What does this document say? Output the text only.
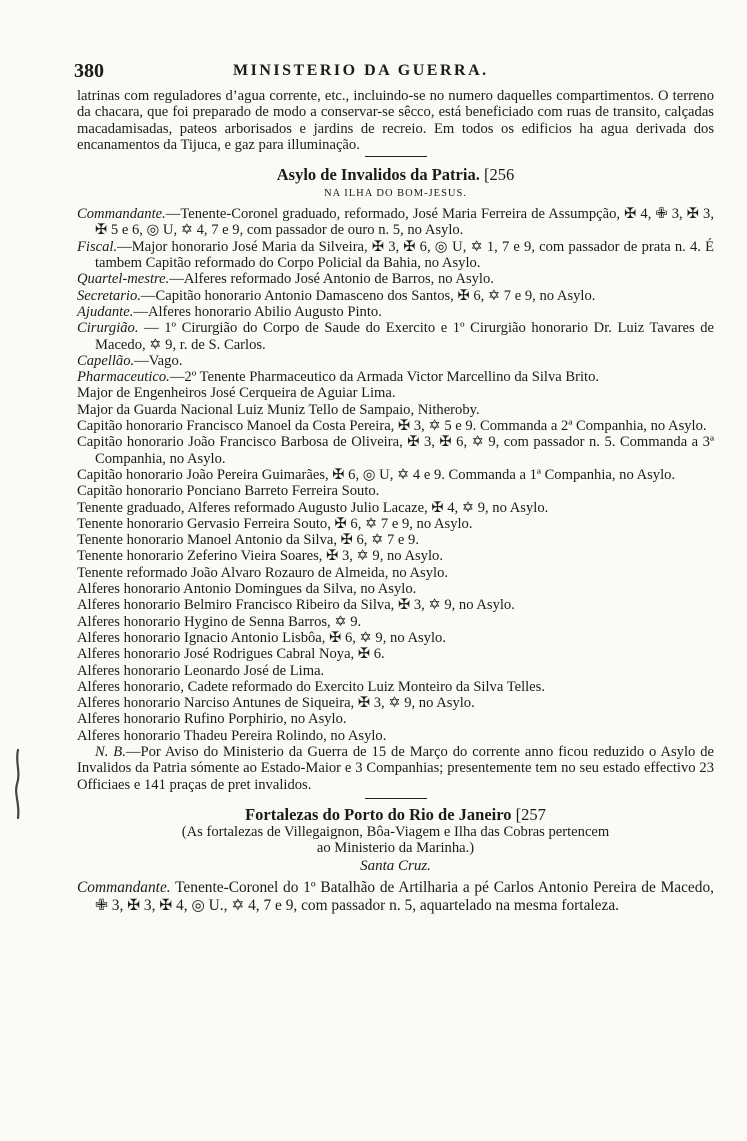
380	MINISTERIO DA GUERRA.

latrinas com reguladores d’agua corrente, etc., incluindo-se no numero daquelles compartimentos. O terreno da chacara, que foi preparado de modo a conservar-se sêcco, está beneficiado com ruas de transito, calçadas macadamisadas, pateos arborisados e jardins de recreio. Em todos os edificios ha agua derivada dos encanamentos da Tijuca, e gaz para illuminação.

Asylo de Invalidos da Patria. [256
NA ILHA DO BOM-JESUS.

Commandante.—Tenente-Coronel graduado, reformado, José Maria Ferreira de Assumpção, ✠ 4, ✙ 3, ✠ 3, ✠ 5 e 6, ◎ U, ✡ 4, 7 e 9, com passador de ouro n. 5, no Asylo.

Fiscal.—Major honorario José Maria da Silveira, ✠ 3, ✠ 6, ◎ U, ✡ 1, 7 e 9, com passador de prata n. 4. É tambem Capitão reformado do Corpo Policial da Bahia, no Asylo.

Quartel-mestre.—Alferes reformado José Antonio de Barros, no Asylo.

Secretario.—Capitão honorario Antonio Damasceno dos Santos, ✠ 6, ✡ 7 e 9, no Asylo.

Ajudante.—Alferes honorario Abilio Augusto Pinto.

Cirurgião. — 1º Cirurgião do Corpo de Saude do Exercito e 1º Cirurgião honorario Dr. Luiz Tavares de Macedo, ✡ 9, r. de S. Carlos.

Capellão.—Vago.

Pharmaceutico.—2º Tenente Pharmaceutico da Armada Victor Marcellino da Silva Brito.

Major de Engenheiros José Cerqueira de Aguiar Lima.

Major da Guarda Nacional Luiz Muniz Tello de Sampaio, Nitheroby.

Capitão honorario Francisco Manoel da Costa Pereira, ✠ 3, ✡ 5 e 9. Commanda a 2ª Companhia, no Asylo.

Capitão honorario João Francisco Barbosa de Oliveira, ✠ 3, ✠ 6, ✡ 9, com passador n. 5. Commanda a 3ª Companhia, no Asylo.

Capitão honorario João Pereira Guimarães, ✠ 6, ◎ U, ✡ 4 e 9. Commanda a 1ª Companhia, no Asylo.

Capitão honorario Ponciano Barreto Ferreira Souto.

Tenente graduado, Alferes reformado Augusto Julio Lacaze, ✠ 4, ✡ 9, no Asylo.

Tenente honorario Gervasio Ferreira Souto, ✠ 6, ✡ 7 e 9, no Asylo.

Tenente honorario Manoel Antonio da Silva, ✠ 6, ✡ 7 e 9.

Tenente honorario Zeferino Vieira Soares, ✠ 3, ✡ 9, no Asylo.

Tenente reformado João Alvaro Rozauro de Almeida, no Asylo.

Alferes honorario Antonio Domingues da Silva, no Asylo.

Alferes honorario Belmiro Francisco Ribeiro da Silva, ✠ 3, ✡ 9, no Asylo.

Alferes honorario Hygino de Senna Barros, ✡ 9.

Alferes honorario Ignacio Antonio Lisbôa, ✠ 6, ✡ 9, no Asylo.

Alferes honorario José Rodrigues Cabral Noya, ✠ 6.

Alferes honorario Leonardo José de Lima.

Alferes honorario, Cadete reformado do Exercito Luiz Monteiro da Silva Telles.

Alferes honorario Narciso Antunes de Siqueira, ✠ 3, ✡ 9, no Asylo.

Alferes honorario Rufino Porphirio, no Asylo.

Alferes honorario Thadeu Pereira Rolindo, no Asylo.

N. B.—Por Aviso do Ministerio da Guerra de 15 de Março do corrente anno ficou reduzido o Asylo de Invalidos da Patria sómente ao Estado-Maior e 3 Companhias; presentemente tem no seu estado effectivo 23 Officiaes e 141 praças de pret invalidos.

Fortalezas do Porto do Rio de Janeiro [257
(As fortalezas de Villegaignon, Bôa-Viagem e Ilha das Cobras pertencem
ao Ministerio da Marinha.)
Santa Cruz.

Commandante. Tenente-Coronel do 1º Batalhão de Artilharia a pé Carlos Antonio Pereira de Macedo, ✙ 3, ✠ 3, ✠ 4, ◎ U., ✡ 4, 7 e 9, com passador n. 5, aquartelado na mesma fortaleza.
